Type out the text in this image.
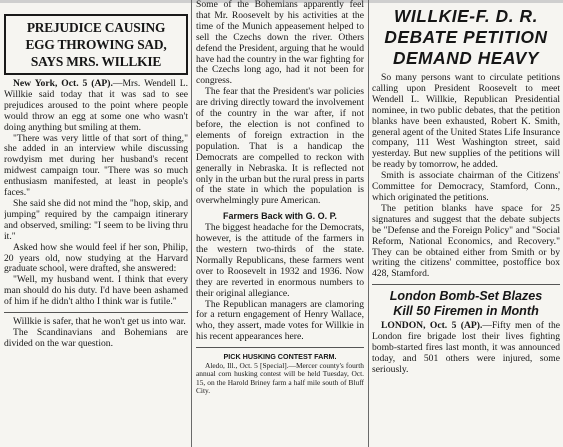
PREJUDICE CAUSING
EGG THROWING SAD,
SAYS MRS. WILLKIE

New York, Oct. 5 (AP).—Mrs. Wendell L. Willkie said today that it was sad to see prejudices aroused to the point where people would throw an egg at some one who wasn't doing anything but smiling at them.

"There was very little of that sort of thing," she added in an interview while discussing rowdyism met during her husband's recent midwest campaign tour. "There was so much enthusiasm manifested, at least in people's faces."

She said she did not mind the "hop, skip, and jumping" required by the campaign itinerary and observed, smiling: "I seem to be living thru it."

Asked how she would feel if her son, Philip, 20 years old, now studying at the Harvard graduate school, were drafted, she answered:

"Well, my husband went. I think that every man should do his duty. I'd have been ashamed of him if he didn't altho I think war is futile."

Willkie is safer, that he won't get us into war.

The Scandinavians and Bohemians are divided on the war question.

Some of the Bohemians apparently feel that Mr. Roosevelt by his activities at the time of the Munich appeasement helped to sell the Czechs down the river. Others defend the President, arguing that he would have had the country in the war fighting for the Czechs long ago, had it not been for congress.

The fear that the President's war policies are driving directly toward the involvement of the country in the war after, if not before, the election is not confined to elements of foreign extraction in the population. That is a handicap the Democrats are compelled to reckon with generally in Nebraska. It is reflected not only in the urban but the rural press in parts of the state in which the population is overwhelmingly pure American.

Farmers Back with G. O. P.

The biggest headache for the Democrats, however, is the attitude of the farmers in the western two-thirds of the state. Normally Republicans, these farmers went over to Roosevelt in 1932 and 1936. Now they are reverted in enormous numbers to their original allegiance.

The Republican managers are clamoring for a return engagement of Henry Wallace, who, they assert, made votes for Willkie in his recent appearances here.

PICK HUSKING CONTEST FARM.

Aledo, Ill., Oct. 5 [Special].—Mercer county's fourth annual corn husking contest will be held Tuesday, Oct. 15, on the Harold Briney farm a half mile south of Bluff City.

WILLKIE-F. D. R.
DEBATE PETITION
DEMAND HEAVY

So many persons want to circulate petitions calling upon President Roosevelt to meet Wendell L. Willkie, Republican Presidential nominee, in two public debates, that the petition blanks have been exhausted, Robert K. Smith, general agent of the United States Life Insurance company, 111 West Washington street, said yesterday. But new supplies of the petitions will be ready by tomorrow, he added.

Smith is associate chairman of the Citizens' Committee for Democracy, Stamford, Conn., which originated the petitions.

The petition blanks have space for 25 signatures and suggest that the debate subjects be "Defense and the Foreign Policy" and "Social Reform, National Economics, and Recovery." They can be obtained either from Smith or by writing the citizens' committee, postoffice box 428, Stamford.

London Bomb-Set Blazes
Kill 50 Firemen in Month

LONDON, Oct. 5 (AP).—Fifty men of the London fire brigade lost their lives fighting bomb-started fires last month, it was announced today, and 501 others were injured, some seriously.
